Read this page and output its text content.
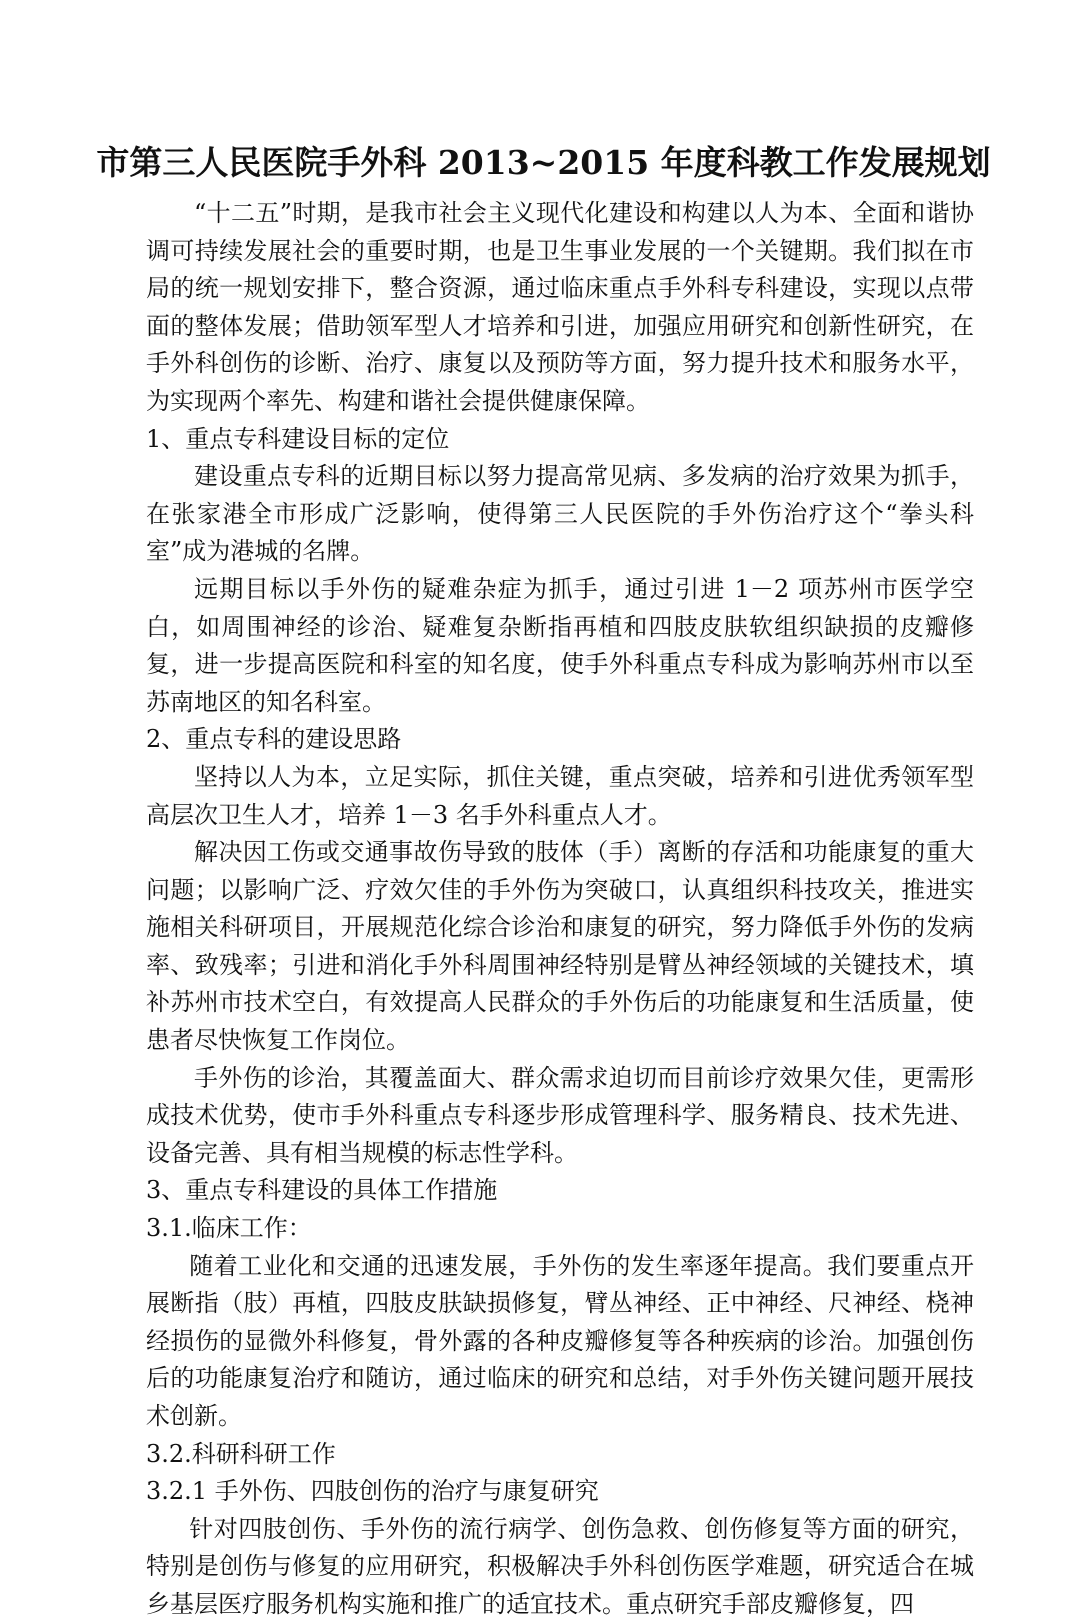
市第三人民医院手外科 2013~2015 年度科教工作发展规划

“十二五”时期，是我市社会主义现代化建设和构建以人为本、全面和谐协调可持续发展社会的重要时期，也是卫生事业发展的一个关键期。我们拟在市局的统一规划安排下，整合资源，通过临床重点手外科专科建设，实现以点带面的整体发展；借助领军型人才培养和引进，加强应用研究和创新性研究，在手外科创伤的诊断、治疗、康复以及预防等方面，努力提升技术和服务水平，为实现两个率先、构建和谐社会提供健康保障。

1、重点专科建设目标的定位

建设重点专科的近期目标以努力提高常见病、多发病的治疗效果为抓手，在张家港全市形成广泛影响，使得第三人民医院的手外伤治疗这个“拳头科室”成为港城的名牌。

远期目标以手外伤的疑难杂症为抓手，通过引进 1－2 项苏州市医学空白，如周围神经的诊治、疑难复杂断指再植和四肢皮肤软组织缺损的皮瓣修复，进一步提高医院和科室的知名度，使手外科重点专科成为影响苏州市以至苏南地区的知名科室。

2、重点专科的建设思路

坚持以人为本，立足实际，抓住关键，重点突破，培养和引进优秀领军型高层次卫生人才，培养 1－3 名手外科重点人才。

解决因工伤或交通事故伤导致的肢体（手）离断的存活和功能康复的重大问题；以影响广泛、疗效欠佳的手外伤为突破口，认真组织科技攻关，推进实施相关科研项目，开展规范化综合诊治和康复的研究，努力降低手外伤的发病率、致残率；引进和消化手外科周围神经特别是臂丛神经领域的关键技术，填补苏州市技术空白，有效提高人民群众的手外伤后的功能康复和生活质量，使患者尽快恢复工作岗位。

手外伤的诊治，其覆盖面大、群众需求迫切而目前诊疗效果欠佳，更需形成技术优势，使市手外科重点专科逐步形成管理科学、服务精良、技术先进、设备完善、具有相当规模的标志性学科。

3、重点专科建设的具体工作措施

3.1.临床工作：

随着工业化和交通的迅速发展，手外伤的发生率逐年提高。我们要重点开展断指（肢）再植，四肢皮肤缺损修复，臂丛神经、正中神经、尺神经、桡神经损伤的显微外科修复，骨外露的各种皮瓣修复等各种疾病的诊治。加强创伤后的功能康复治疗和随访，通过临床的研究和总结，对手外伤关键问题开展技术创新。

3.2.科研科研工作

3.2.1 手外伤、四肢创伤的治疗与康复研究

针对四肢创伤、手外伤的流行病学、创伤急救、创伤修复等方面的研究，特别是创伤与修复的应用研究，积极解决手外科创伤医学难题，研究适合在城乡基层医疗服务机构实施和推广的适宜技术。重点研究手部皮瓣修复，四
